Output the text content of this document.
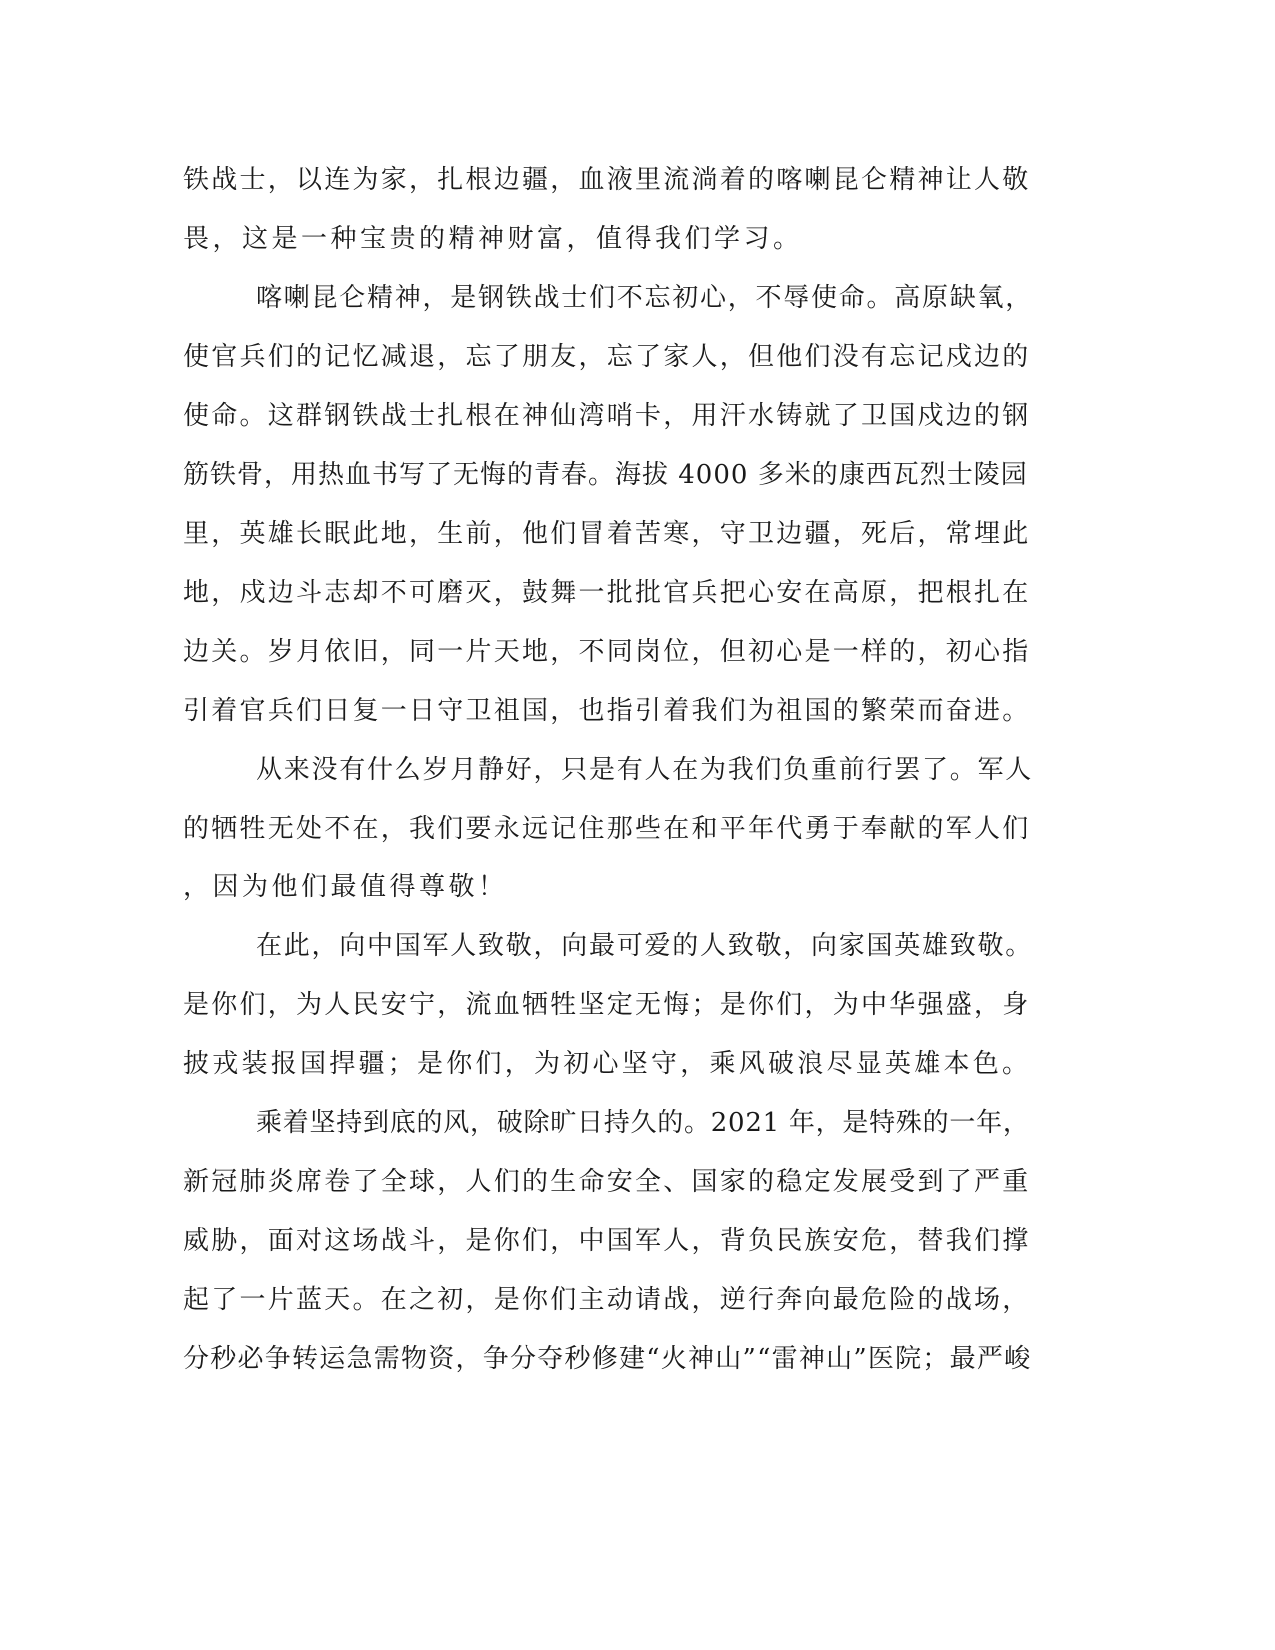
铁战士，以连为家，扎根边疆，血液里流淌着的喀喇昆仑精神让人敬
畏，这是一种宝贵的精神财富，值得我们学习。
喀喇昆仑精神，是钢铁战士们不忘初心，不辱使命。高原缺氧，
使官兵们的记忆减退，忘了朋友，忘了家人，但他们没有忘记戍边的
使命。这群钢铁战士扎根在神仙湾哨卡，用汗水铸就了卫国戍边的钢
筋铁骨，用热血书写了无悔的青春。海拔 4000 多米的康西瓦烈士陵园
里，英雄长眠此地，生前，他们冒着苦寒，守卫边疆，死后，常埋此
地，戍边斗志却不可磨灭，鼓舞一批批官兵把心安在高原，把根扎在
边关。岁月依旧，同一片天地，不同岗位，但初心是一样的，初心指
引着官兵们日复一日守卫祖国，也指引着我们为祖国的繁荣而奋进。
从来没有什么岁月静好，只是有人在为我们负重前行罢了。军人
的牺牲无处不在，我们要永远记住那些在和平年代勇于奉献的军人们
，因为他们最值得尊敬！
在此，向中国军人致敬，向最可爱的人致敬，向家国英雄致敬。
是你们，为人民安宁，流血牺牲坚定无悔；是你们，为中华强盛，身
披戎装报国捍疆；是你们，为初心坚守，乘风破浪尽显英雄本色。
乘着坚持到底的风，破除旷日持久的。2021 年，是特殊的一年，
新冠肺炎席卷了全球，人们的生命安全、国家的稳定发展受到了严重
威胁，面对这场战斗，是你们，中国军人，背负民族安危，替我们撑
起了一片蓝天。在之初，是你们主动请战，逆行奔向最危险的战场，
分秒必争转运急需物资，争分夺秒修建“火神山”“雷神山”医院；最严峻
